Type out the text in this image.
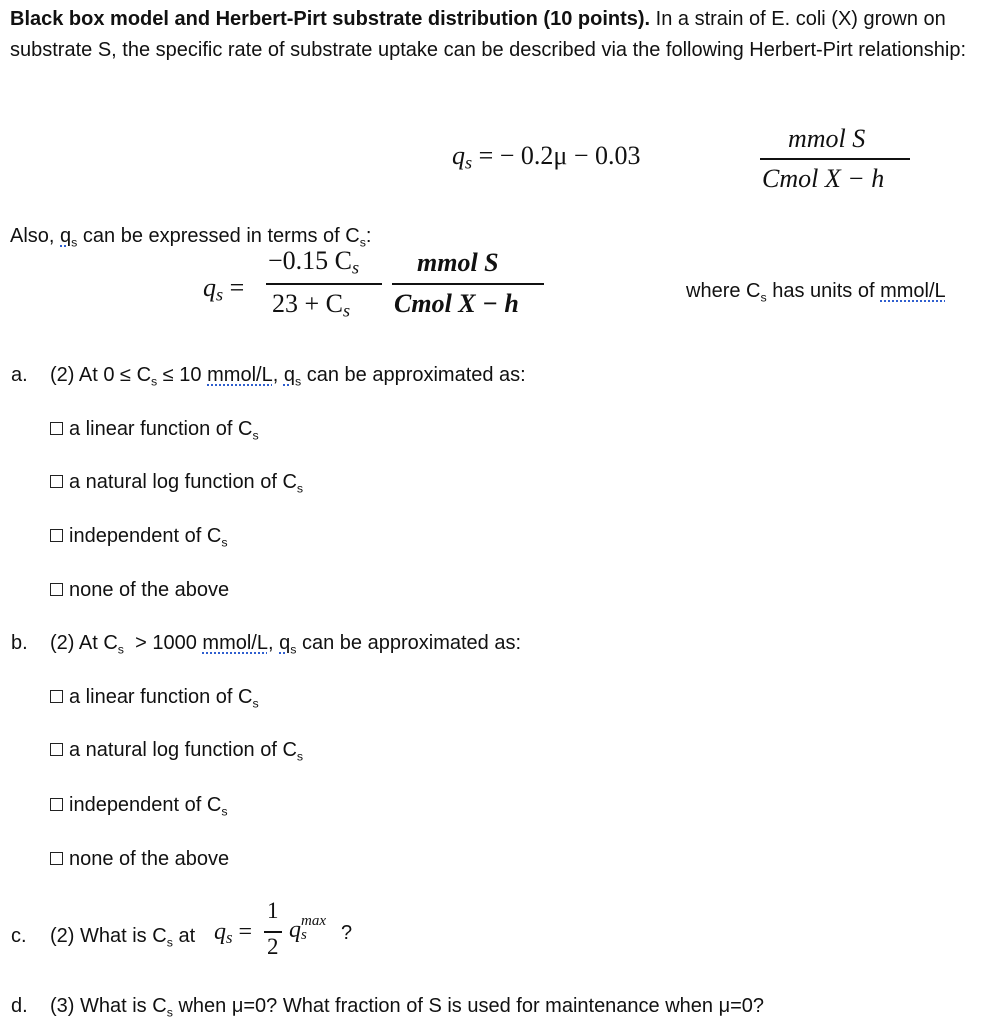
Black box model and Herbert-Pirt substrate distribution (10 points). In a strain of E. coli (X) grown on substrate S, the specific rate of substrate uptake can be described via the following Herbert-Pirt relationship:
qs = − 0.2μ − 0.03
mmol S
Cmol X − h
Also, $q_s$ can be expressed in terms of $C_s$:
qs =
−0.15 Cs
23 + Cs
mmol S
Cmol X − h	where $C_s$ has units of mmol/L
a. (2) At $0 \le C_s \le 10$ mmol/L, $q_s$ can be approximated as:
a linear function of $C_s$
a natural log function of $C_s$
independent of $C_s$
none of the above
b. (2) At $C_s > 1000$ mmol/L, $q_s$ can be approximated as:
a linear function of $C_s$
a natural log function of $C_s$
independent of $C_s$
none of the above
c. (2) What is $C_s$ at qs =
1
2
q max
s ?
d. (3) What is $C_s$ when μ=0? What fraction of S is used for maintenance when μ=0?
